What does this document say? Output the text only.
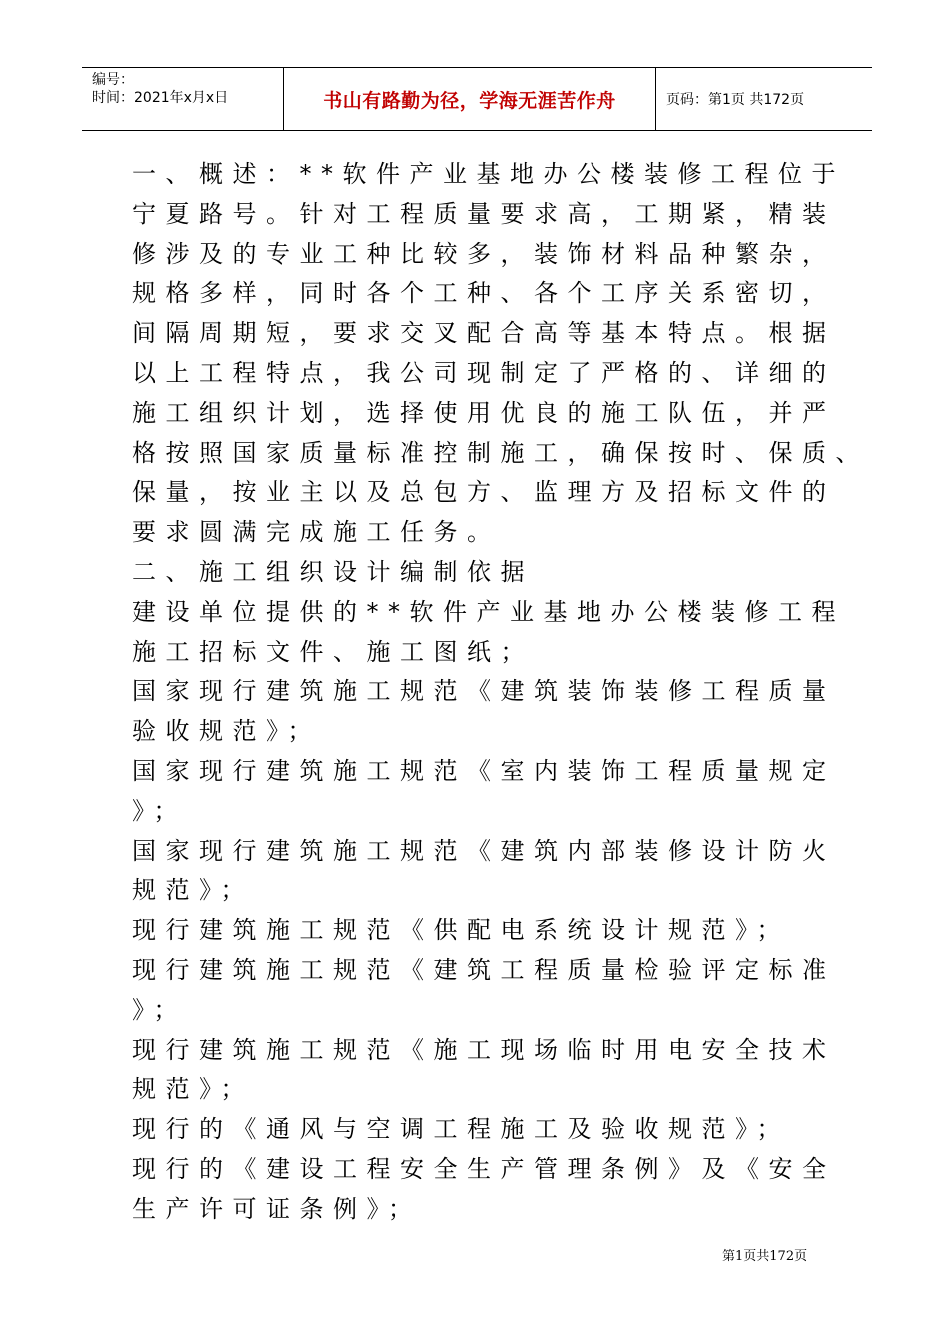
编号：
时间：2021年x月x日	书山有路勤为径，学海无涯苦作舟	页码：第1页 共172页
一、概述：**软件产业基地办公楼装修工程位于
宁夏路号。针对工程质量要求高，工期紧，精装
修涉及的专业工种比较多，装饰材料品种繁杂，
规格多样，同时各个工种、各个工序关系密切，
间隔周期短，要求交叉配合高等基本特点。根据
以上工程特点，我公司现制定了严格的、详细的
施工组织计划，选择使用优良的施工队伍，并严
格按照国家质量标准控制施工，确保按时、保质、
保量，按业主以及总包方、监理方及招标文件的
要求圆满完成施工任务。
二、施工组织设计编制依据
建设单位提供的**软件产业基地办公楼装修工程
施工招标文件、施工图纸；
国家现行建筑施工规范《建筑装饰装修工程质量
验收规范》；
国家现行建筑施工规范《室内装饰工程质量规定
》；
国家现行建筑施工规范《建筑内部装修设计防火
规范》；
现行建筑施工规范《供配电系统设计规范》；
现行建筑施工规范《建筑工程质量检验评定标准
》；
现行建筑施工规范《施工现场临时用电安全技术
规范》；
现行的《通风与空调工程施工及验收规范》；
现行的《建设工程安全生产管理条例》及《安全
生产许可证条例》；
第1页共172页
